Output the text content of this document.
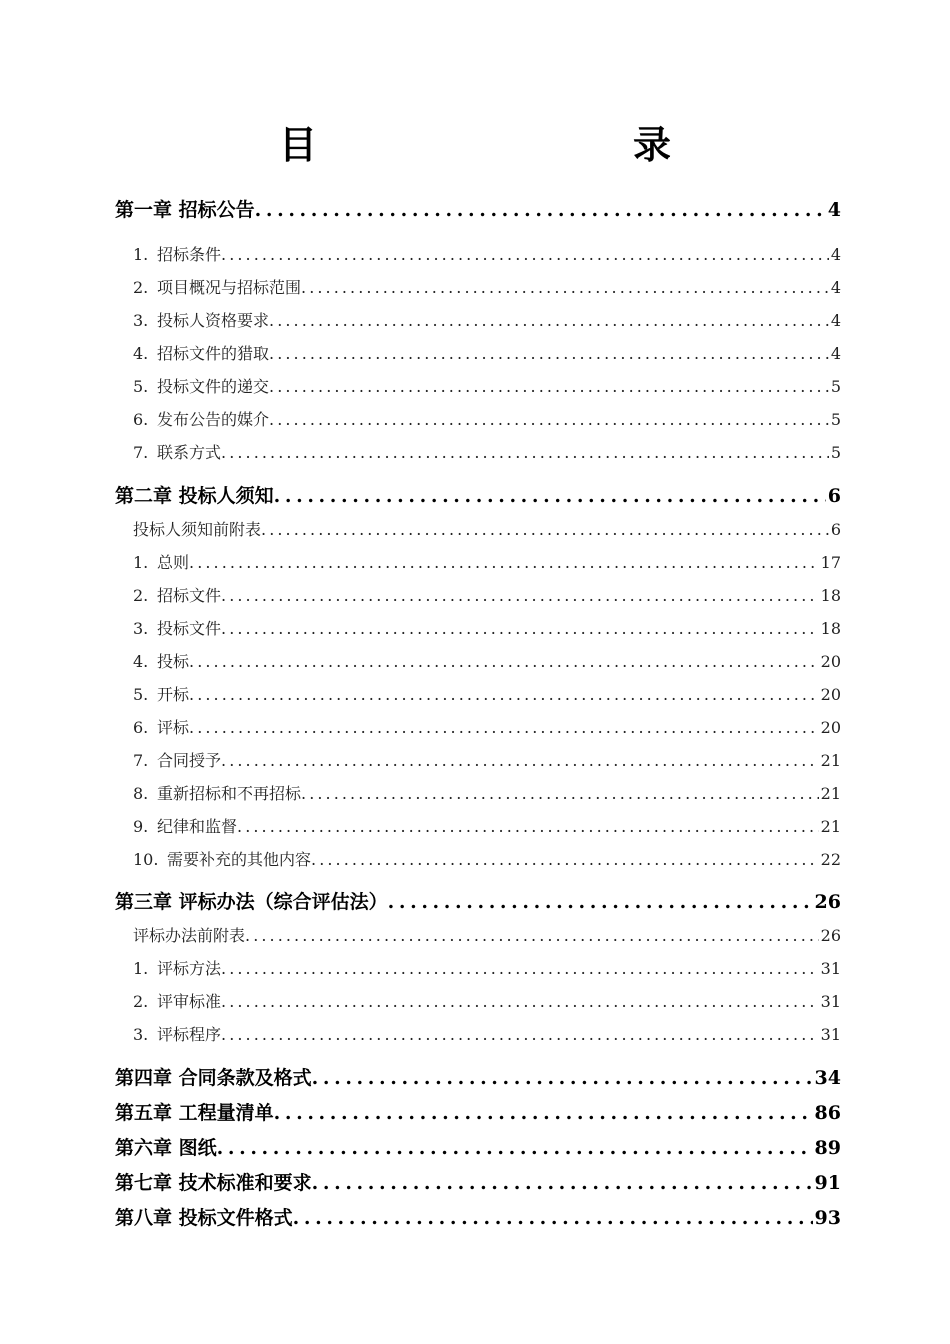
目　　录
第一章 招标公告 . . .	4
1. 招标条件 . . .	4
2. 项目概况与招标范围 . . .	4
3. 投标人资格要求 . . .	4
4. 招标文件的猎取 . . .	4
5. 投标文件的递交 . . .	5
6. 发布公告的媒介 . . .	5
7. 联系方式 . . .	5
第二章 投标人须知 . . .	6
投标人须知前附表 . . .	6
1. 总则 . . .	17
2. 招标文件 . . .	18
3. 投标文件 . . .	18
4. 投标 . . .	20
5. 开标 . . .	20
6. 评标 . . .	20
7. 合同授予 . . .	21
8. 重新招标和不再招标 . . .	21
9. 纪律和监督 . . .	21
10. 需要补充的其他内容 . . .	22
第三章 评标办法（综合评估法） . . .	26
评标办法前附表 . . .	26
1. 评标方法 . . .	31
2. 评审标准 . . .	31
3. 评标程序 . . .	31
第四章 合同条款及格式 . . .	34
第五章 工程量清单 . . .	86
第六章 图纸 . . .	89
第七章 技术标准和要求 . . .	91
第八章 投标文件格式 . . .	93
